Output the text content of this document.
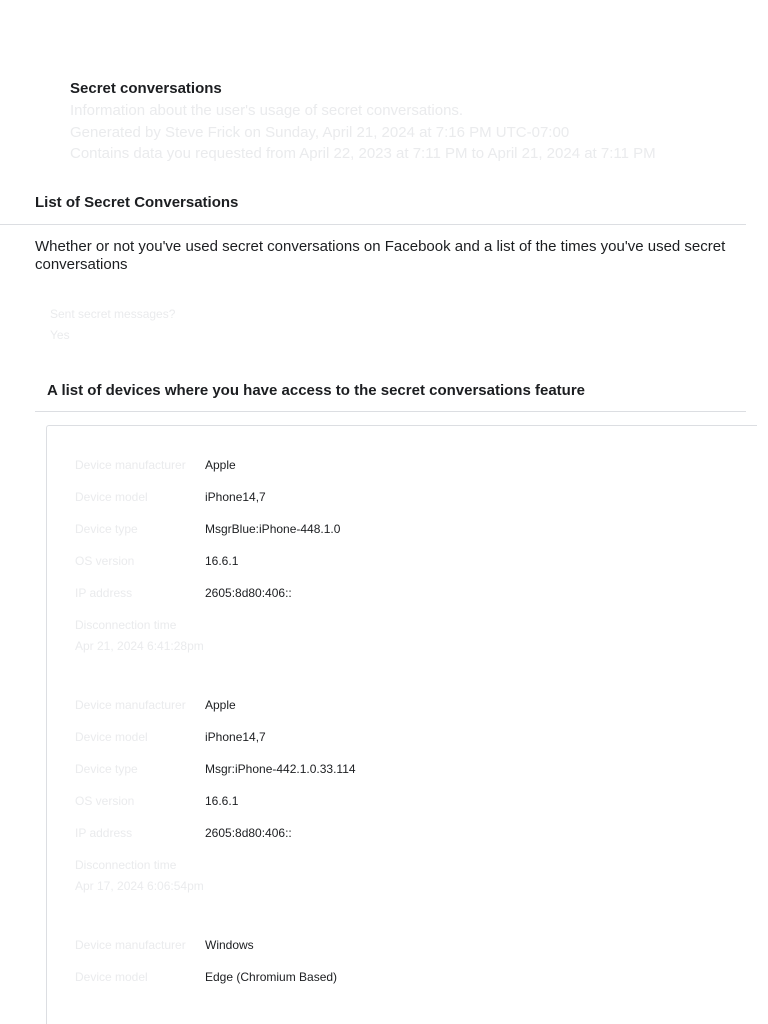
Secret conversations

Information about the user's usage of secret conversations.

Generated by Steve Frick on Sunday, April 21, 2024 at 7:16 PM UTC-07:00

Contains data you requested from April 22, 2023 at 7:11 PM to April 21, 2024 at 7:11 PM

List of Secret Conversations

Whether or not you've used secret conversations on Facebook and a list of the times you've used secret conversations

Sent secret messages?
Yes

A list of devices where you have access to the secret conversations feature

Device manufacturer	Apple
Device model	iPhone14,7
Device type	MsgrBlue:iPhone-448.1.0
OS version	16.6.1
IP address	2605:8d80:406::
Disconnection time
Apr 21, 2024 6:41:28pm
Device manufacturer	Apple
Device model	iPhone14,7
Device type	Msgr:iPhone-442.1.0.33.114
OS version	16.6.1
IP address	2605:8d80:406::
Disconnection time
Apr 17, 2024 6:06:54pm
Device manufacturer	Windows
Device model	Edge (Chromium Based)
